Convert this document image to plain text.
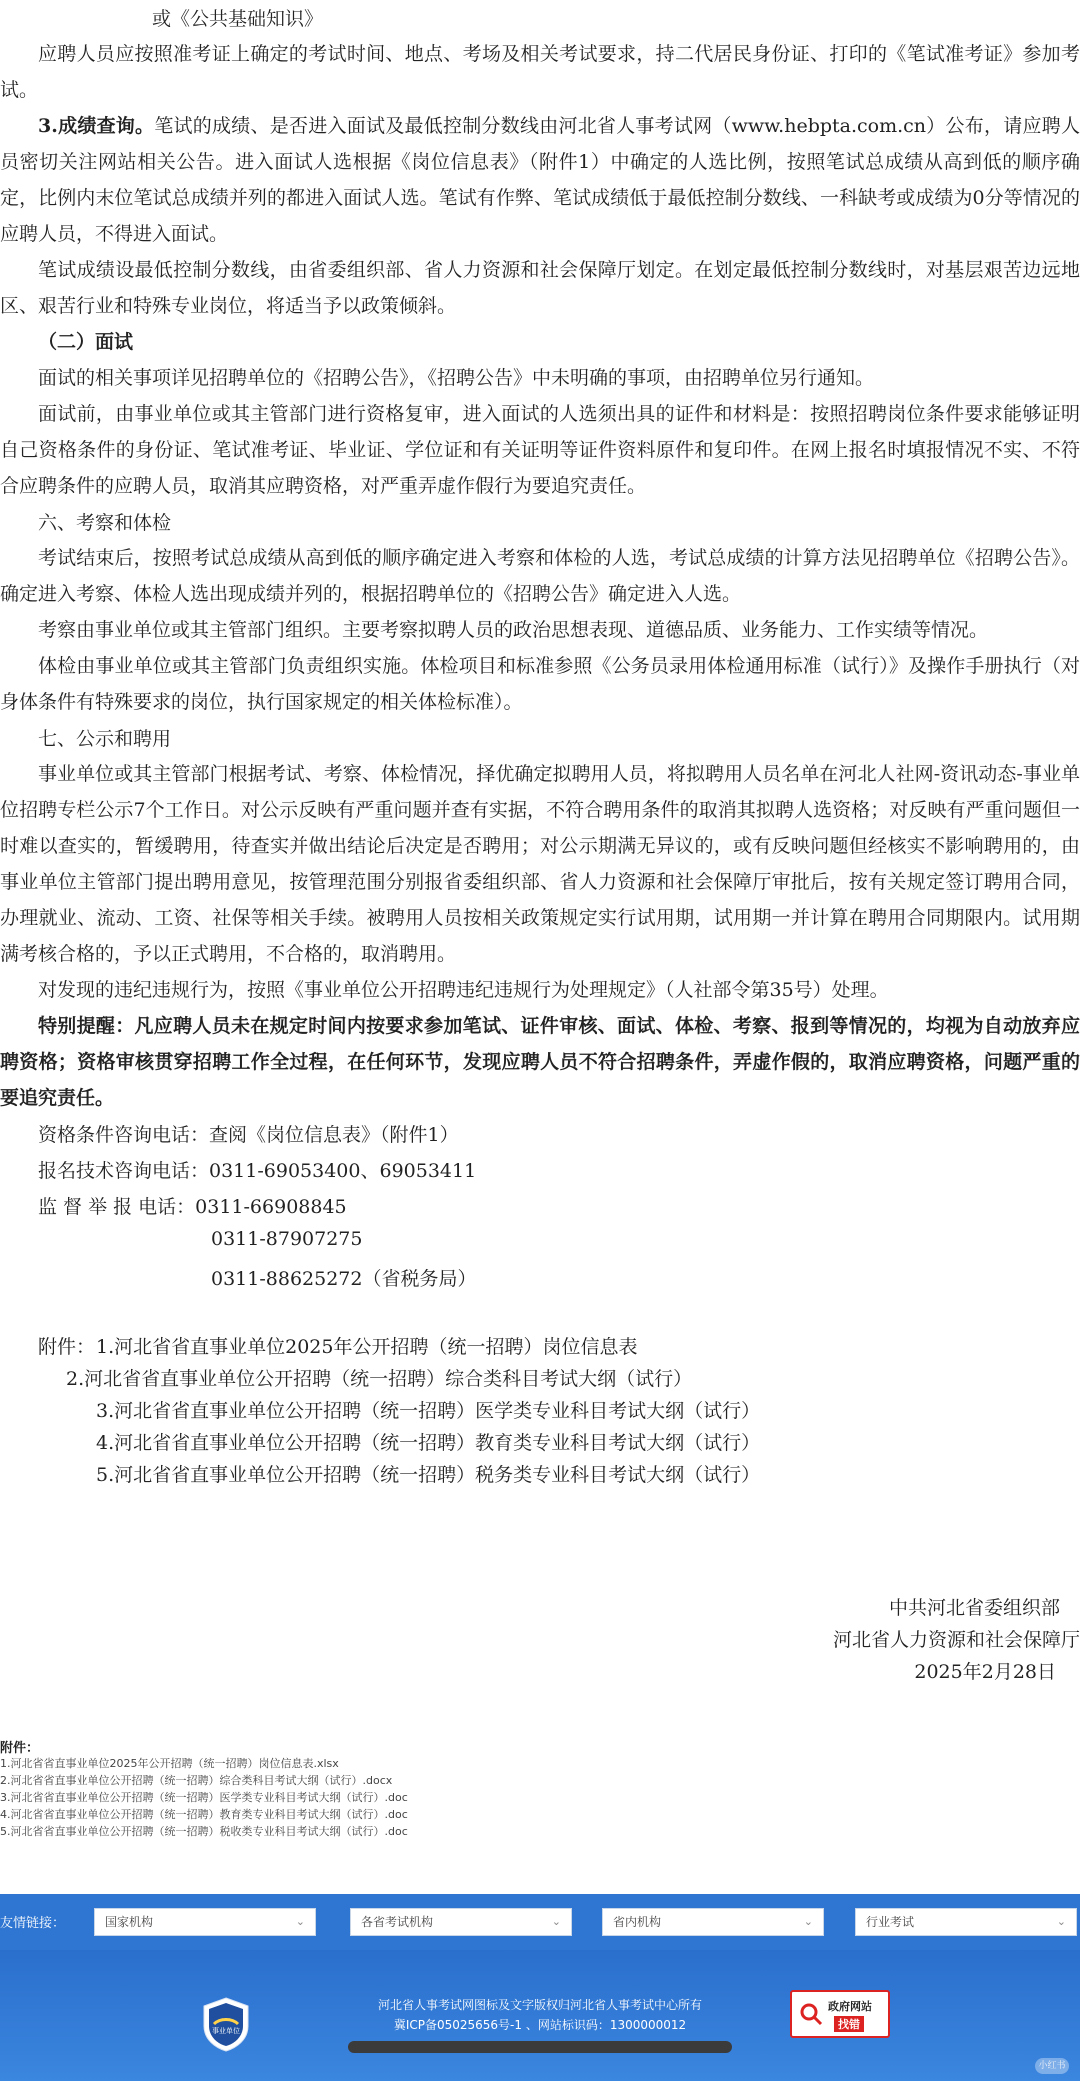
或《公共基础知识》
应聘人员应按照准考证上确定的考试时间、地点、考场及相关考试要求，持二代居民身份证、打印的《笔试准考证》参加考试。
3.成绩查询。笔试的成绩、是否进入面试及最低控制分数线由河北省人事考试网（www.hebpta.com.cn）公布，请应聘人员密切关注网站相关公告。进入面试人选根据《岗位信息表》（附件1）中确定的人选比例，按照笔试总成绩从高到低的顺序确定，比例内末位笔试总成绩并列的都进入面试人选。笔试有作弊、笔试成绩低于最低控制分数线、一科缺考或成绩为0分等情况的应聘人员，不得进入面试。
笔试成绩设最低控制分数线，由省委组织部、省人力资源和社会保障厅划定。在划定最低控制分数线时，对基层艰苦边远地区、艰苦行业和特殊专业岗位，将适当予以政策倾斜。
（二）面试
面试的相关事项详见招聘单位的《招聘公告》，《招聘公告》中未明确的事项，由招聘单位另行通知。
面试前，由事业单位或其主管部门进行资格复审，进入面试的人选须出具的证件和材料是：按照招聘岗位条件要求能够证明自己资格条件的身份证、笔试准考证、毕业证、学位证和有关证明等证件资料原件和复印件。在网上报名时填报情况不实、不符合应聘条件的应聘人员，取消其应聘资格，对严重弄虚作假行为要追究责任。
六、考察和体检
考试结束后，按照考试总成绩从高到低的顺序确定进入考察和体检的人选，考试总成绩的计算方法见招聘单位《招聘公告》。确定进入考察、体检人选出现成绩并列的，根据招聘单位的《招聘公告》确定进入人选。
考察由事业单位或其主管部门组织。主要考察拟聘人员的政治思想表现、道德品质、业务能力、工作实绩等情况。
体检由事业单位或其主管部门负责组织实施。体检项目和标准参照《公务员录用体检通用标准（试行）》及操作手册执行（对身体条件有特殊要求的岗位，执行国家规定的相关体检标准）。
七、公示和聘用
事业单位或其主管部门根据考试、考察、体检情况，择优确定拟聘用人员，将拟聘用人员名单在河北人社网-资讯动态-事业单位招聘专栏公示7个工作日。对公示反映有严重问题并查有实据，不符合聘用条件的取消其拟聘人选资格；对反映有严重问题但一时难以查实的，暂缓聘用，待查实并做出结论后决定是否聘用；对公示期满无异议的，或有反映问题但经核实不影响聘用的，由事业单位主管部门提出聘用意见，按管理范围分别报省委组织部、省人力资源和社会保障厅审批后，按有关规定签订聘用合同，办理就业、流动、工资、社保等相关手续。被聘用人员按相关政策规定实行试用期，试用期一并计算在聘用合同期限内。试用期满考核合格的，予以正式聘用，不合格的，取消聘用。
对发现的违纪违规行为，按照《事业单位公开招聘违纪违规行为处理规定》（人社部令第35号）处理。
特别提醒：凡应聘人员未在规定时间内按要求参加笔试、证件审核、面试、体检、考察、报到等情况的，均视为自动放弃应聘资格；资格审核贯穿招聘工作全过程，在任何环节，发现应聘人员不符合招聘条件，弄虚作假的，取消应聘资格，问题严重的要追究责任。
资格条件咨询电话：查阅《岗位信息表》（附件1）
报名技术咨询电话：0311-69053400、69053411
监 督 举 报 电话：0311-66908845
0311-87907275
0311-88625272（省税务局）
附件： 1.河北省省直事业单位2025年公开招聘（统一招聘）岗位信息表
2.河北省省直事业单位公开招聘（统一招聘）综合类科目考试大纲（试行）
3.河北省省直事业单位公开招聘（统一招聘）医学类专业科目考试大纲（试行）
4.河北省省直事业单位公开招聘（统一招聘）教育类专业科目考试大纲（试行）
5.河北省省直事业单位公开招聘（统一招聘）税务类专业科目考试大纲（试行）
中共河北省委组织部
河北省人力资源和社会保障厅
2025年2月28日
附件：
1.河北省省直事业单位2025年公开招聘（统一招聘）岗位信息表.xlsx
2.河北省省直事业单位公开招聘（统一招聘）综合类科目考试大纲（试行）.docx
3.河北省省直事业单位公开招聘（统一招聘）医学类专业科目考试大纲（试行）.doc
4.河北省省直事业单位公开招聘（统一招聘）教育类专业科目考试大纲（试行）.doc
5.河北省省直事业单位公开招聘（统一招聘）税收类专业科目考试大纲（试行）.doc
友情链接：	国家机构	⌄	各省考试机构	⌄	省内机构	⌄	行业考试	⌄
事业单位
河北省人事考试网图标及文字版权归河北省人事考试中心所有
冀ICP备05025656号-1 、网站标识码：1300000012
政府网站
找错
小红书
